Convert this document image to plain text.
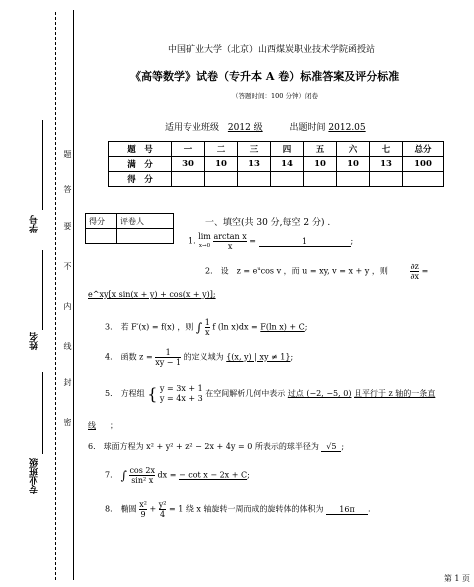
题
答
要
不
内
线
封
密
学号
姓名
专业班级
中国矿业大学（北京）山西煤炭职业技术学院函授站
《高等数学》试卷（专升本 A 卷）标准答案及评分标准
（答题时间：100 分钟）闭卷
适用专业班级 2012 级	出题时间 2012.05
题　号	一	二	三	四	五	六	七	总分
满　分	30	10	13	14	10	10	13	100
得　分								
得分	评卷人
		一、填空(共 30 分,每空 2 分) .
1. lim
$x\to 0 \frac{\text{arctan x}}{x}$ =	1	;
2． 设　$z = e^u\cos$ v ，而 u = xy, v = x + y ，则	$\frac{\partial z}{\partial x}$ =
e^xy[x sin(x + y) + cos(x + y)];
3． 若 F′(x) = f(x) ，则 ∫ $\frac{1}{x}$ f (ln x)dx = F(ln x) + C;
4． 函数 $z = \frac{1}{xy - 1}$ 的定义域为 {(x, y) | xy ≠ 1};
5． 方程组 { y = 3x + 1
y = 4x + 3 在空间解析几何中表示 过点 (−2, −5, 0) 且平行于 z 轴的一条直
线 ；
6． 球面方程为 x² + y² + z² − 2x + 4y = 0 所表示的球半径为 √5 ;
7． ∫ $\frac{\cos 2x}{\text{sin² x}}$ dx = − cot x − 2x + C;
8． 椭圆 $\frac{\text{x²}}{9} + \frac{\text{y²}}{4} = 1$ 绕 x 轴旋转一周而成的旋转体的体积为 16π .
第 1 页
